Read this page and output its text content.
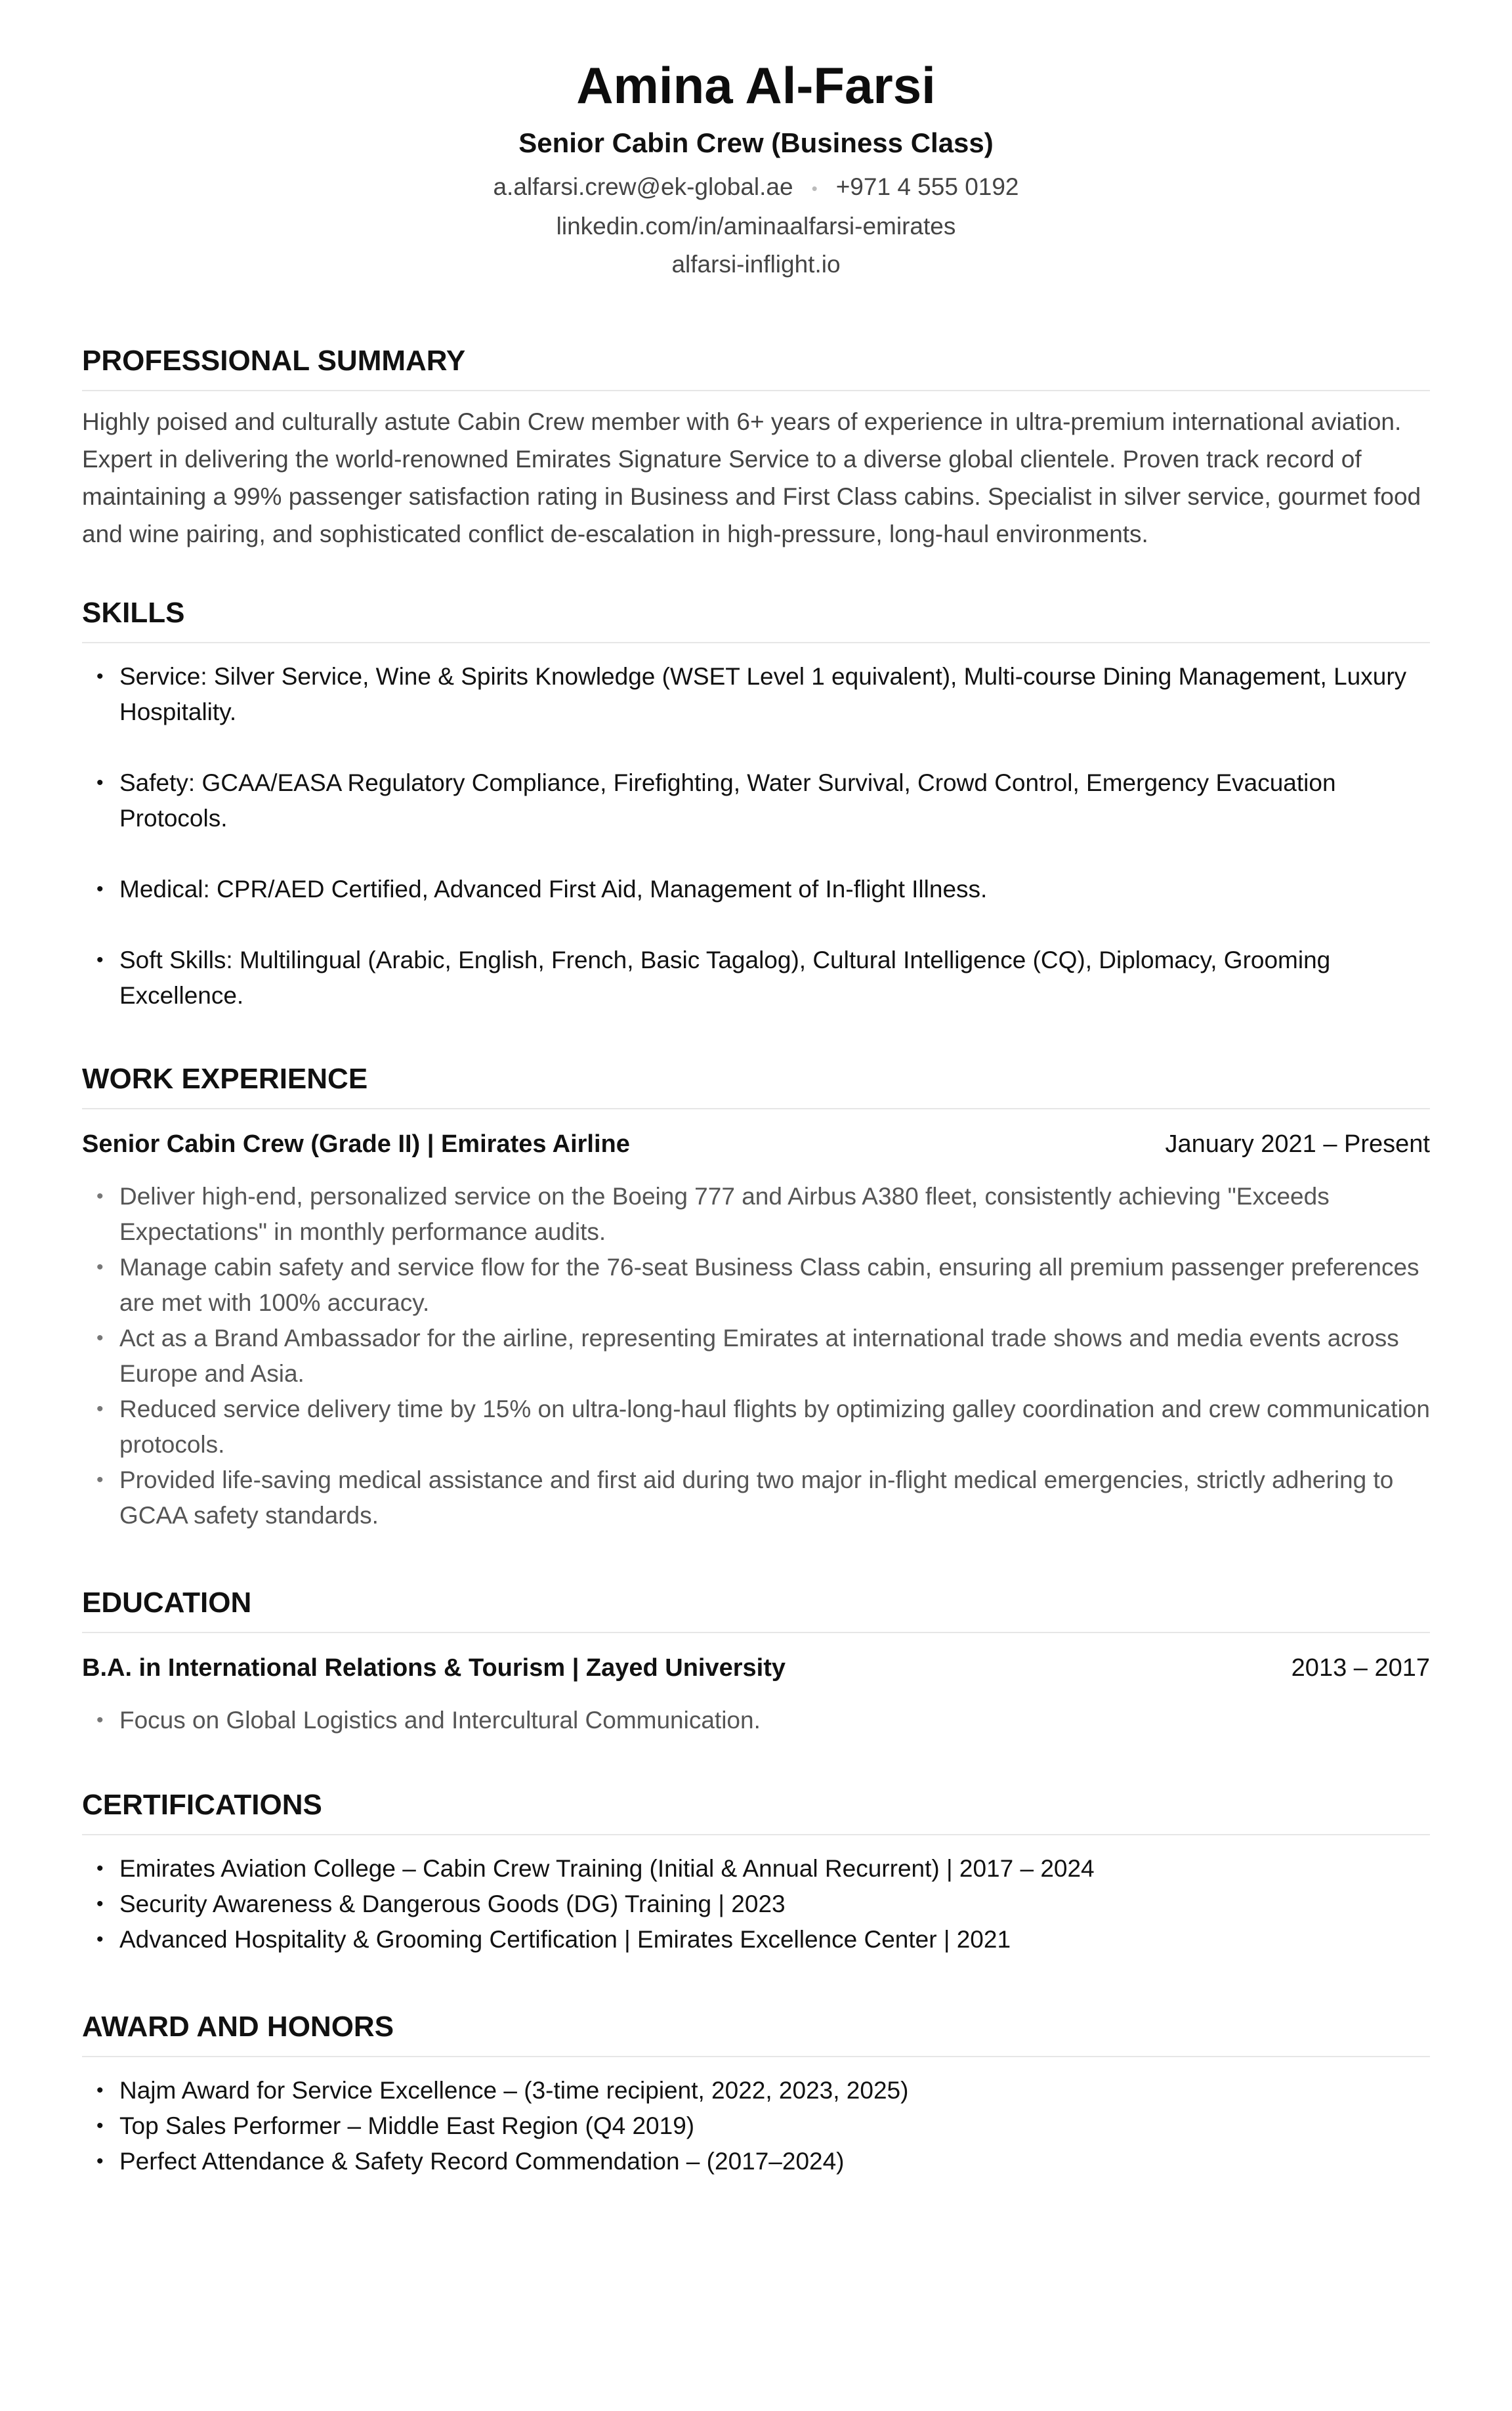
Amina Al-Farsi
Senior Cabin Crew (Business Class)
a.alfarsi.crew@ek-global.ae • +971 4 555 0192
linkedin.com/in/aminaalfarsi-emirates
alfarsi-inflight.io
PROFESSIONAL SUMMARY
Highly poised and culturally astute Cabin Crew member with 6+ years of experience in ultra-premium international aviation. Expert in delivering the world-renowned Emirates Signature Service to a diverse global clientele. Proven track record of maintaining a 99% passenger satisfaction rating in Business and First Class cabins. Specialist in silver service, gourmet food and wine pairing, and sophisticated conflict de-escalation in high-pressure, long-haul environments.
SKILLS
• Service: Silver Service, Wine & Spirits Knowledge (WSET Level 1 equivalent), Multi-course Dining Management, Luxury Hospitality.
• Safety: GCAA/EASA Regulatory Compliance, Firefighting, Water Survival, Crowd Control, Emergency Evacuation Protocols.
• Medical: CPR/AED Certified, Advanced First Aid, Management of In-flight Illness.
• Soft Skills: Multilingual (Arabic, English, French, Basic Tagalog), Cultural Intelligence (CQ), Diplomacy, Grooming Excellence.
WORK EXPERIENCE
Senior Cabin Crew (Grade II) | Emirates Airline	January 2021 – Present
• Deliver high-end, personalized service on the Boeing 777 and Airbus A380 fleet, consistently achieving "Exceeds Expectations" in monthly performance audits.
• Manage cabin safety and service flow for the 76-seat Business Class cabin, ensuring all premium passenger preferences are met with 100% accuracy.
• Act as a Brand Ambassador for the airline, representing Emirates at international trade shows and media events across Europe and Asia.
• Reduced service delivery time by 15% on ultra-long-haul flights by optimizing galley coordination and crew communication protocols.
• Provided life-saving medical assistance and first aid during two major in-flight medical emergencies, strictly adhering to GCAA safety standards.
EDUCATION
B.A. in International Relations & Tourism | Zayed University	2013 – 2017
• Focus on Global Logistics and Intercultural Communication.
CERTIFICATIONS
• Emirates Aviation College – Cabin Crew Training (Initial & Annual Recurrent) | 2017 – 2024
• Security Awareness & Dangerous Goods (DG) Training | 2023
• Advanced Hospitality & Grooming Certification | Emirates Excellence Center | 2021
AWARD AND HONORS
• Najm Award for Service Excellence – (3-time recipient, 2022, 2023, 2025)
• Top Sales Performer – Middle East Region (Q4 2019)
• Perfect Attendance & Safety Record Commendation – (2017–2024)
